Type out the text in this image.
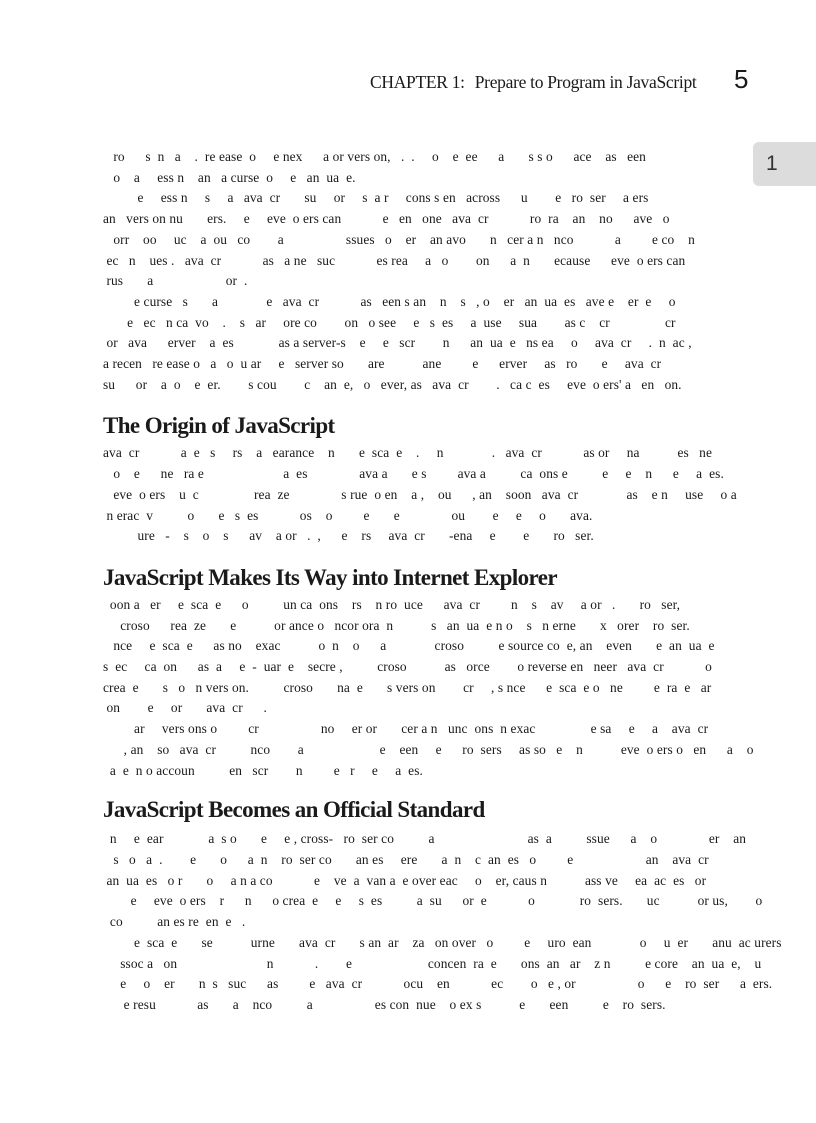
CHAPTER 1: Prepare to Program in JavaScript 5
1

ro      s  n   a    .  re ease  o     e nex      a or vers on,   .  .     o    e  ee      a       s s o      ace    as   een
o    a     ess n    an   a curse  o     e   an  ua  e.
e     ess n     s     a   ava  cr       su     or     s  a r     cons s en   across      u        e   ro  ser     a ers
an   vers on nu       ers.     e     eve  o ers can            e   en   one   ava  cr            ro  ra    an    no      ave   o
orr    oo     uc    a  ou   co        a                  ssues   o    er    an avo       n   cer a n   nco            a         e co    n
ec   n    ues .   ava  cr            as   a ne   suc            es rea     a   o        on      a  n       ecause      eve  o ers can
rus       a                     or  .

e curse   s       a              e   ava  cr            as   een s an    n    s   , o    er   an  ua  es   ave e    er  e     o
e   ec   n ca  vo    .    s   ar     ore co        on   o see     e   s  es     a  use     sua        as c    cr                cr
or   ava      erver    a  es             as a server-s    e     e   scr        n      an  ua  e   ns ea     o     ava  cr     .  n  ac ,
a recen   re ease o   a   o  u ar     e   server so       are           ane         e      erver     as   ro       e     ava  cr
su      or    a  o    e  er.        s cou        c    an  e,   o   ever, as   ava  cr        .   ca c  es     eve  o ers' a   en   on.

The Origin of JavaScript

ava  cr            a  e   s     rs    a   earance    n       e  sca  e    .     n              .   ava  cr            as or     na           es   ne
o    e      ne   ra e                       a  es               ava a       e s         ava a          ca  ons e          e     e    n      e     a  es.
eve  o ers    u  c                rea  ze               s rue  o en    a ,    ou      , an    soon   ava  cr              as    e n     use     o a
n erac  v          o       e   s  es            os    o         e       e               ou        e     e     o       ava.

ure   -    s    o    s      av    a or   .  ,      e    rs     ava  cr       -ena     e        e       ro   ser.

JavaScript Makes Its Way into Internet Explorer

oon a   er     e  sca  e      o          un ca  ons    rs    n ro  uce      ava  cr         n    s    av     a or   .       ro   ser,
croso      rea  ze       e           or ance o   ncor ora  n           s   an  ua  e n o    s   n erne       x   orer    ro  ser.
nce     e  sca  e      as no    exac           o  n    o      a              croso          e source co  e, an    even       e  an  ua  e
s  ec     ca  on      as  a     e  -  uar  e    secre ,          croso           as   orce        o reverse en   neer   ava  cr            o
crea  e       s   o   n vers on.          croso       na  e       s vers on        cr     , s nce      e  sca  e o   ne         e  ra  e   ar
on        e     or       ava  cr      .

ar     vers ons o         cr                  no     er or       cer a n   unc  ons  n exac                e sa     e     a    ava  cr
, an    so   ava  cr          nco        a                      e    een     e      ro  sers     as so   e    n           eve  o ers o   en      a    o
a  e  n o accoun          en   scr        n         e   r     e     a  es.

JavaScript Becomes an Official Standard

n     e  ear             a  s o       e     e , cross-   ro  ser co          a                           as  a          ssue      a    o               er    an
s   o   a  .        e       o      a  n    ro  ser co       an es     ere       a  n    c  an  es   o         e                     an    ava  cr
an  ua  es   o r       o     a n a co            e    ve  a  van a  e over eac     o    er, caus n           ass ve     ea  ac  es   or
e     eve  o ers    r      n      o crea  e     e     s  es          a  su      or  e            o             ro  sers.       uc           or us,        o
co          an es re  en  e   .

e  sca  e       se           urne       ava  cr       s an  ar    za   on over   o         e     uro  ean              o     u  er       anu  ac urers
ssoc a   on                          n            .        e                      concen  ra  e       ons  an   ar    z n          e core    an  ua  e,    u
e     o    er       n  s   suc      as         e   ava  cr            ocu    en            ec        o   e , or                  o      e    ro  ser      a  ers.
e resu            as       a    nco          a                  es con  nue    o ex s           e       een          e    ro  sers.
